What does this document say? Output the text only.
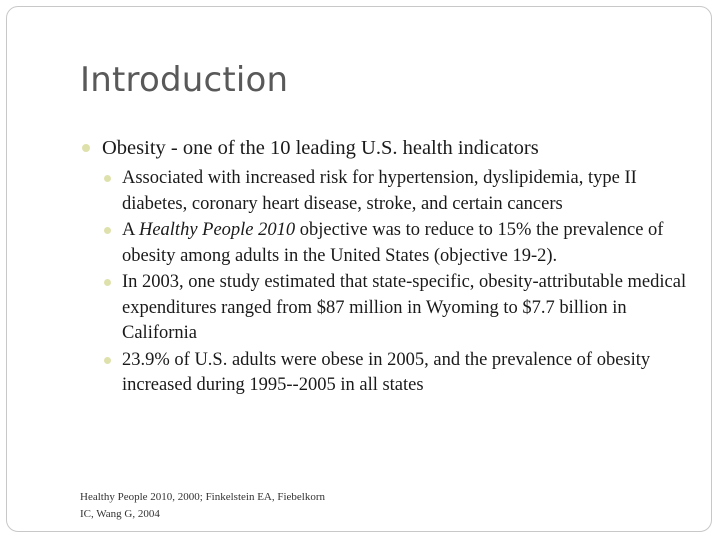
Introduction
Obesity - one of the 10 leading U.S. health indicators
Associated with increased risk for hypertension, dyslipidemia, type II diabetes, coronary heart disease, stroke, and certain cancers
A Healthy People 2010 objective was to reduce to 15% the prevalence of obesity among adults in the United States (objective 19-2).
In 2003, one study estimated that state-specific, obesity-attributable medical expenditures ranged from $87 million in Wyoming to $7.7 billion in California
23.9% of U.S. adults were obese in 2005, and the prevalence of obesity increased during 1995--2005 in all states
Healthy People 2010, 2000; Finkelstein EA, Fiebelkorn
IC, Wang G, 2004
